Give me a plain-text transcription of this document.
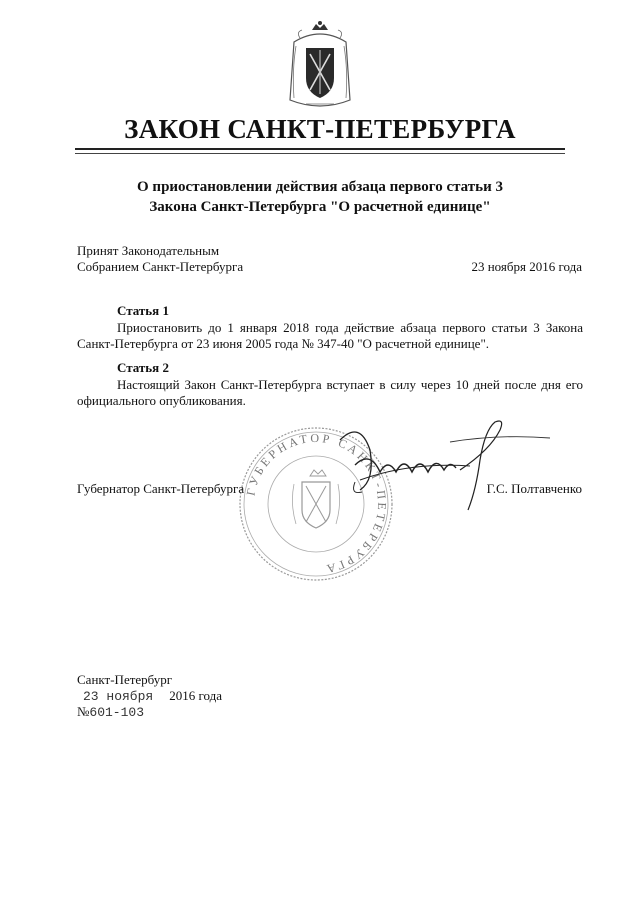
ЗАКОН САНКТ-ПЕТЕРБУРГА
О приостановлении действия абзаца первого статьи 3
Закона Санкт-Петербурга "О расчетной единице"
Принят Законодательным
Собранием Санкт-Петербурга	23 ноября 2016 года
Статья 1
Приостановить до 1 января 2018 года действие абзаца первого статьи 3 Закона Санкт-Петербурга от 23 июня 2005 года № 347-40 "О расчетной единице".
Статья 2
Настоящий Закон Санкт-Петербурга вступает в силу через 10 дней после дня его официального опубликования.
ГУБЕРНАТОР САНКТ-ПЕТЕРБУРГА
Губернатор Санкт-Петербурга	Г.С. Полтавченко
Санкт-Петербург
23 ноября 2016 года
№601-103
